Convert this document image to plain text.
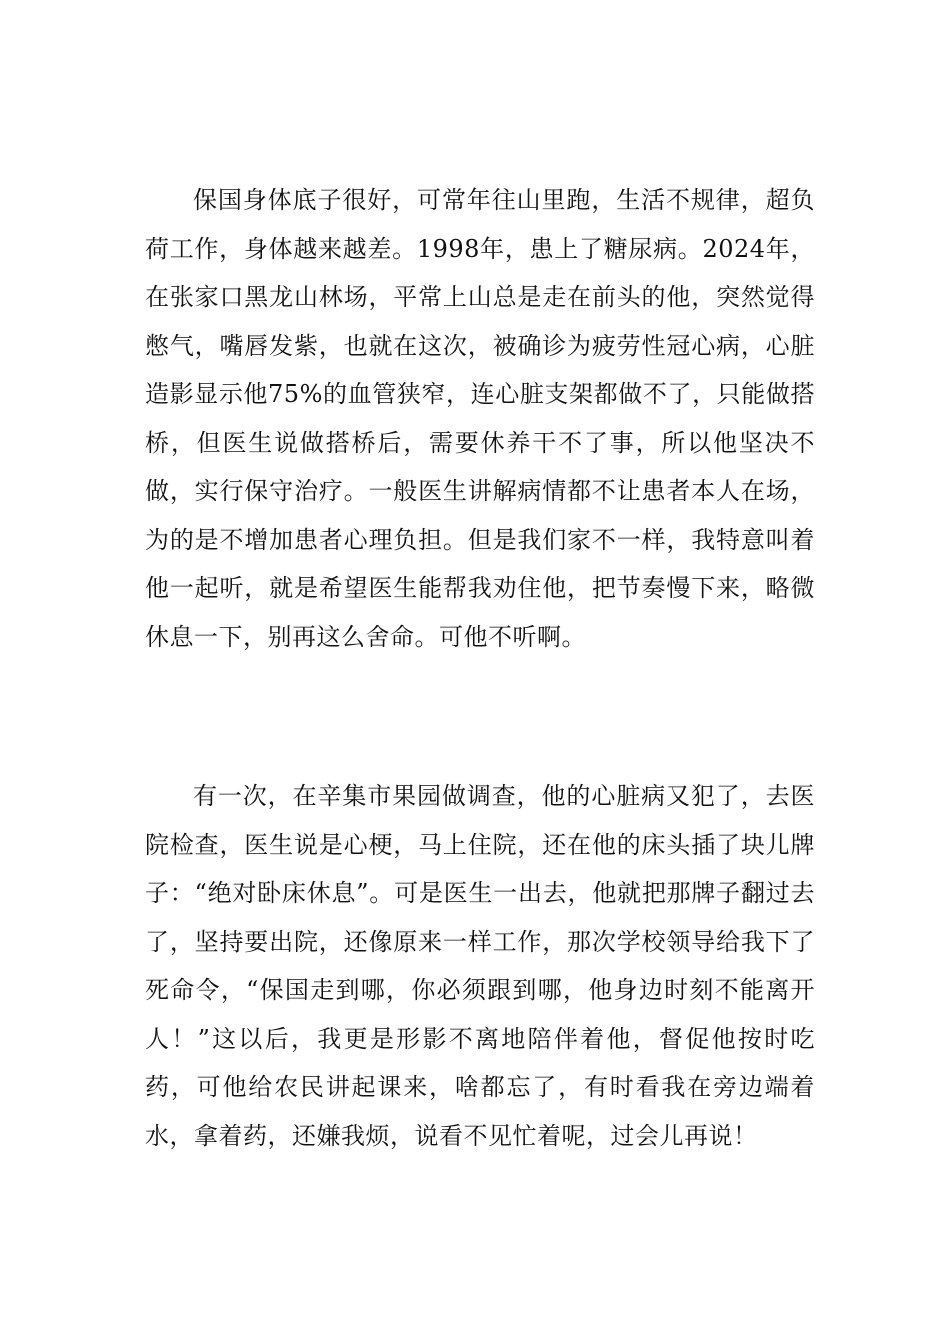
保国身体底子很好，可常年往山里跑，生活不规律，超负荷工作，身体越来越差。1998年，患上了糖尿病。2024年，在张家口黑龙山林场，平常上山总是走在前头的他，突然觉得憋气，嘴唇发紫，也就在这次，被确诊为疲劳性冠心病，心脏造影显示他75%的血管狭窄，连心脏支架都做不了，只能做搭桥，但医生说做搭桥后，需要休养干不了事，所以他坚决不做，实行保守治疗。一般医生讲解病情都不让患者本人在场，为的是不增加患者心理负担。但是我们家不一样，我特意叫着他一起听，就是希望医生能帮我劝住他，把节奏慢下来，略微休息一下，别再这么舍命。可他不听啊。

有一次，在辛集市果园做调查，他的心脏病又犯了，去医院检查，医生说是心梗，马上住院，还在他的床头插了块儿牌子：“绝对卧床休息”。可是医生一出去，他就把那牌子翻过去了，坚持要出院，还像原来一样工作，那次学校领导给我下了死命令，“保国走到哪，你必须跟到哪，他身边时刻不能离开人！”这以后，我更是形影不离地陪伴着他，督促他按时吃药，可他给农民讲起课来，啥都忘了，有时看我在旁边端着水，拿着药，还嫌我烦，说看不见忙着呢，过会儿再说！
